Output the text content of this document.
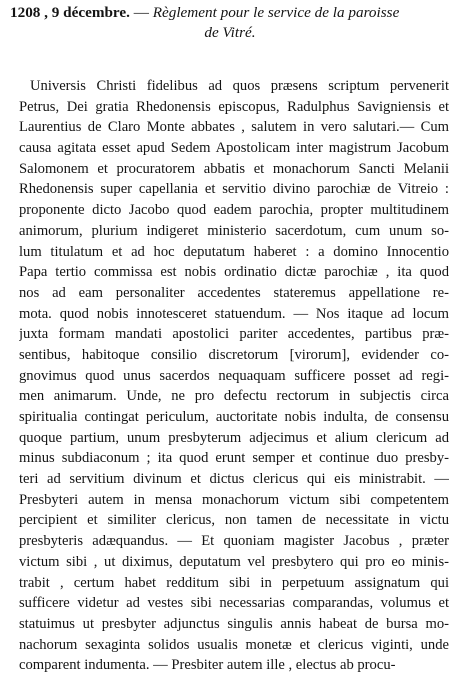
1208 , 9 décembre. — Règlement pour le service de la paroisse
de Vitré.
Universis Christi fidelibus ad quos præsens scriptum pervenerit
Petrus, Dei gratia Rhedonensis episcopus, Radulphus Savigniensis et
Laurentius de Claro Monte abbates , salutem in vero salutari.— Cum
causa agitata esset apud Sedem Apostolicam inter magistrum Jacobum
Salomonem et procuratorem abbatis et monachorum Sancti Melanii
Rhedonensis super capellania et servitio divino parochiæ de Vitreio :
proponente dicto Jacobo quod eadem parochia, propter multitudinem
animorum, plurium indigeret ministerio sacerdotum, cum unum so-
lum titulatum et ad hoc deputatum haberet : a domino Innocentio
Papa tertio commissa est nobis ordinatio dictæ parochiæ , ita quod
nos ad eam personaliter accedentes stateremus appellatione re-
mota. quod nobis innotesceret statuendum. — Nos itaque ad locum
juxta formam mandati apostolici pariter accedentes, partibus præ-
sentibus, habitoque consilio discretorum [virorum], evidender co-
gnovimus quod unus sacerdos nequaquam sufficere posset ad regi-
men animarum. Unde, ne pro defectu rectorum in subjectis circa
spiritualia contingat periculum, auctoritate nobis indulta, de consensu
quoque partium, unum presbyterum adjecimus et alium clericum ad
minus subdiaconum ; ita quod erunt semper et continue duo presby-
teri ad servitium divinum et dictus clericus qui eis ministrabit. —
Presbyteri autem in mensa monachorum victum sibi competentem
percipient et similiter clericus, non tamen de necessitate in victu
presbyteris adæquandus. — Et quoniam magister Jacobus , præter
victum sibi , ut diximus, deputatum vel presbytero qui pro eo minis-
trabit , certum habet redditum sibi in perpetuum assignatum qui
sufficere videtur ad vestes sibi necessarias comparandas, volumus et
statuimus ut presbyter adjunctus singulis annis habeat de bursa mo-
nachorum sexaginta solidos usualis monetæ et clericus viginti, unde
comparent indumenta. — Presbiter autem ille , electus ab procu-
